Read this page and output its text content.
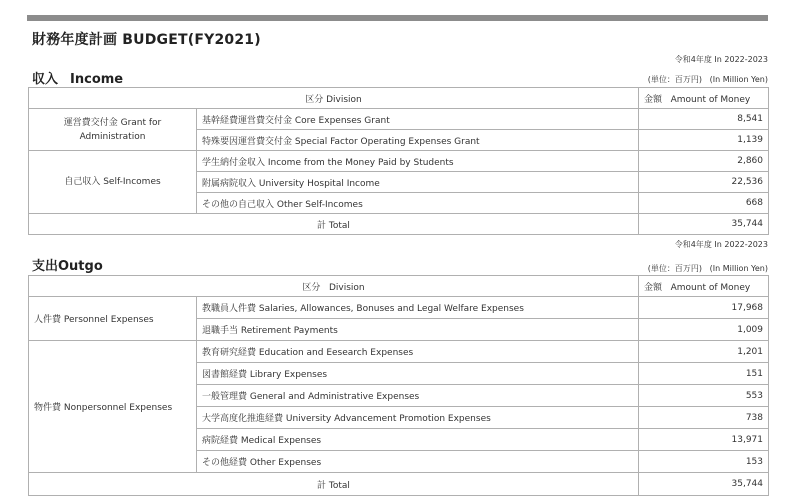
財務年度計画 BUDGET(FY2021)
令和4年度 In 2022-2023
収入 Income	(単位：百万円) (In Million Yen)
区分 Division		金額 Amount of Money
運営費交付金 Grant for
Administration	基幹経費運営費交付金 Core Expenses Grant	8,541
	特殊要因運営費交付金 Special Factor Operating Expenses Grant	1,139
自己収入 Self-Incomes	学生納付金収入 Income from the Money Paid by Students	2,860
	附属病院収入 University Hospital Income	22,536
	その他の自己収入 Other Self-Incomes	668
計 Total		35,744
令和4年度 In 2022-2023
支出Outgo	(単位：百万円) (In Million Yen)
区分 Division		金額 Amount of Money
人件費 Personnel Expenses	教職員人件費 Salaries, Allowances, Bonuses and Legal Welfare Expenses	17,968
	退職手当 Retirement Payments	1,009
物件費 Nonpersonnel Expenses	教育研究経費 Education and Eesearch Expenses	1,201
	図書館経費 Library Expenses	151
	一般管理費 General and Administrative Expenses	553
	大学高度化推進経費 University Advancement Promotion Expenses	738
	病院経費 Medical Expenses	13,971
	その他経費 Other Expenses	153
計 Total		35,744
